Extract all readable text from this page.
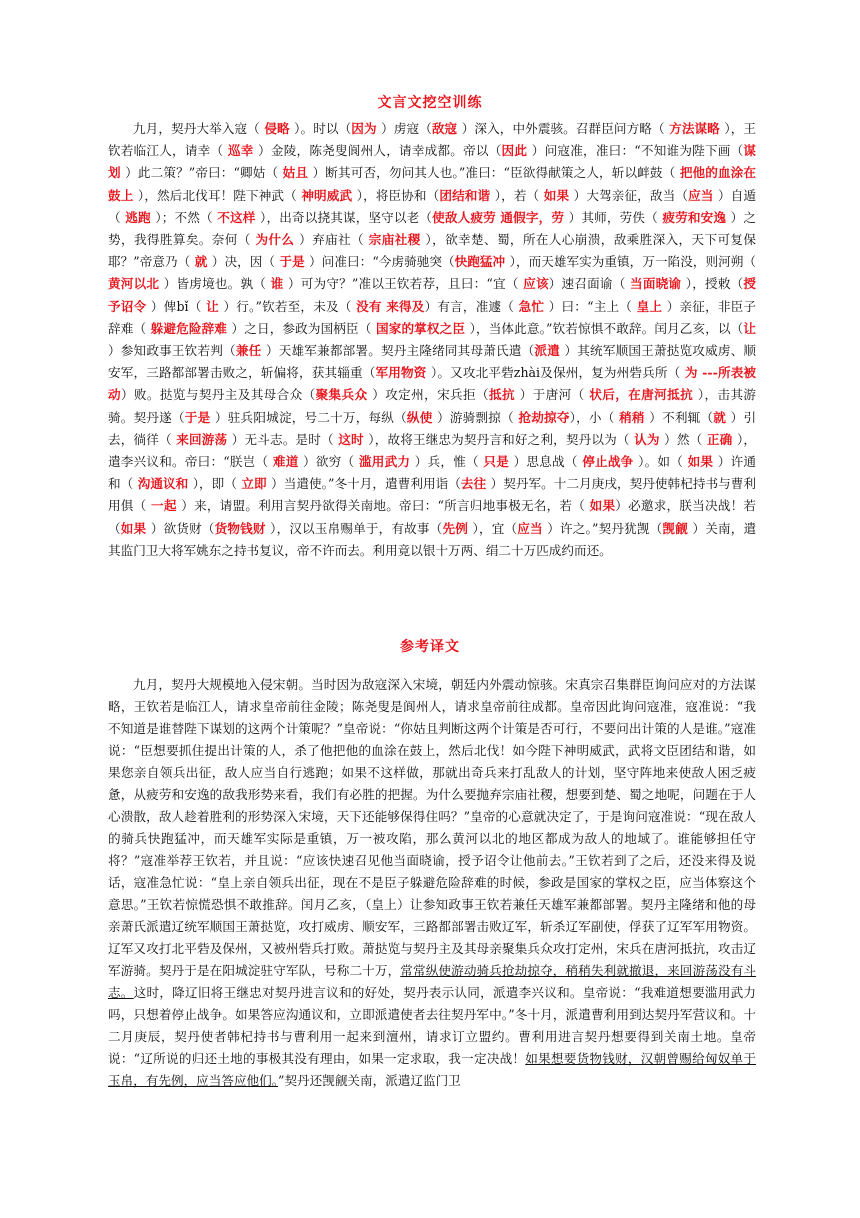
文言文挖空训练

九月，契丹大举入寇（ 侵略 ）。时以（因为 ）虏寇（敌寇 ）深入，中外震骇。召群臣问方略（ 方法谋略 ），王钦若临江人，请幸（ 巡幸 ）金陵，陈尧叟阆州人，请幸成都。帝以（因此 ）问寇准，准曰：“不知谁为陛下画（谋划 ）此二策？”帝曰：“卿姑（ 姑且 ）断其可否，勿问其人也。”准曰：“臣欲得献策之人，斩以衅鼓（ 把他的血涂在鼓上 ），然后北伐耳！陛下神武（ 神明威武 ），将臣协和（团结和谐 ），若（ 如果 ）大驾亲征，敌当（应当 ）自遁（ 逃跑 ）；不然（ 不这样 ），出奇以挠其谋，坚守以老（使敌人疲劳 通假字，劳 ）其师，劳佚（ 疲劳和安逸 ）之势，我得胜算矣。奈何（ 为什么 ）弃庙社（ 宗庙社稷 ），欲幸楚、蜀，所在人心崩溃，敌乘胜深入，天下可复保耶？”帝意乃（ 就 ）决，因（ 于是 ）问准曰：“今虏骑驰突（快跑猛冲 ），而天雄军实为重镇，万一陷没，则河朔（ 黄河以北 ）皆虏境也。孰（ 谁 ）可为守？”准以王钦若荐，且曰：“宜（ 应该）速召面谕（ 当面晓谕 ），授敕（授予诏令 ）俾bǐ（ 让 ）行。”钦若至，未及（ 没有 来得及）有言，准遽（ 急忙 ）曰：“主上（ 皇上 ）亲征，非臣子辞难（ 躲避危险辞难 ）之日，参政为国柄臣（ 国家的掌权之臣 ），当体此意。”钦若惊惧不敢辞。闰月乙亥，以（让 ）参知政事王钦若判（兼任 ）天雄军兼都部署。契丹主隆绪同其母萧氏遣（派遣 ）其统军顺国王萧挞览攻威虏、顺安军，三路都部署击败之，斩偏将，获其辎重（军用物资 ）。又攻北平砦zhài及保州，复为州砦兵所（ 为 ---所表被动）败。挞览与契丹主及其母合众（聚集兵众 ）攻定州，宋兵拒（抵抗 ）于唐河（ 状后，在唐河抵抗 ），击其游骑。契丹遂（于是 ）驻兵阳城淀，号二十万，每纵（纵使 ）游骑剽掠（ 抢劫掠夺），小（ 稍稍 ）不利辄（就 ）引去，徜徉（ 来回游荡 ）无斗志。是时（ 这时 ），故将王继忠为契丹言和好之利，契丹以为（ 认为 ）然（ 正确 ），遣李兴议和。帝曰：“朕岂（ 难道 ）欲穷（ 滥用武力 ）兵，惟（ 只是 ）思息战（ 停止战争 ）。如（ 如果 ）许通和（ 沟通议和 ），即（ 立即 ）当遣使。”冬十月，遣曹利用诣（去往 ）契丹军。十二月庚戌，契丹使韩杞持书与曹利用俱（ 一起 ）来，请盟。利用言契丹欲得关南地。帝曰：“所言归地事极无名，若（ 如果）必邀求，朕当决战！若（如果 ）欲货财（货物钱财 ），汉以玉帛赐单于，有故事（先例 ），宜（应当 ）许之。”契丹犹觊（觊觎 ）关南，遣其监门卫大将军姚东之持书复议，帝不许而去。利用竟以银十万两、绢二十万匹成约而还。

参考译文

九月，契丹大规模地入侵宋朝。当时因为敌寇深入宋境，朝廷内外震动惊骇。宋真宗召集群臣询问应对的方法谋略，王钦若是临江人，请求皇帝前往金陵；陈尧叟是阆州人，请求皇帝前往成都。皇帝因此询问寇准，寇准说：“我不知道是谁替陛下谋划的这两个计策呢？”皇帝说：“你姑且判断这两个计策是否可行，不要问出计策的人是谁。”寇准说：“臣想要抓住提出计策的人，杀了他把他的血涂在鼓上，然后北伐！如今陛下神明威武，武将文臣团结和谐，如果您亲自领兵出征，敌人应当自行逃跑；如果不这样做，那就出奇兵来打乱敌人的计划，坚守阵地来使敌人困乏疲惫，从疲劳和安逸的敌我形势来看，我们有必胜的把握。为什么要抛弃宗庙社稷，想要到楚、蜀之地呢，问题在于人心溃散，敌人趁着胜利的形势深入宋境，天下还能够保得住吗？”皇帝的心意就决定了，于是询问寇准说：“现在敌人的骑兵快跑猛冲，而天雄军实际是重镇，万一被攻陷，那么黄河以北的地区都成为敌人的地域了。谁能够担任守将？”寇准举荐王钦若，并且说：“应该快速召见他当面晓谕，授予诏令让他前去。”王钦若到了之后，还没来得及说话，寇准急忙说：“皇上亲自领兵出征，现在不是臣子躲避危险辞难的时候，参政是国家的掌权之臣，应当体察这个意思。”王钦若惊慌恐惧不敢推辞。闰月乙亥，（皇上）让参知政事王钦若兼任天雄军兼都部署。契丹主隆绪和他的母亲萧氏派遣辽统军顺国王萧挞览，攻打威虏、顺安军，三路都部署击败辽军，斩杀辽军副使，俘获了辽军军用物资。辽军又攻打北平砦及保州，又被州砦兵打败。萧挞览与契丹主及其母亲聚集兵众攻打定州，宋兵在唐河抵抗，攻击辽军游骑。契丹于是在阳城淀驻守军队，号称二十万，常常纵使游动骑兵抢劫掠夺，稍稍失利就撤退，来回游荡没有斗志。这时，降辽旧将王继忠对契丹进言议和的好处，契丹表示认同，派遣李兴议和。皇帝说：“我难道想要滥用武力吗，只想着停止战争。如果答应沟通议和，立即派遣使者去往契丹军中。”冬十月，派遣曹利用到达契丹军营议和。十二月庚辰，契丹使者韩杞持书与曹利用一起来到澶州，请求订立盟约。曹利用进言契丹想要得到关南土地。皇帝说：“辽所说的归还土地的事极其没有理由，如果一定求取，我一定决战！如果想要货物钱财，汉朝曾赐给匈奴单于玉帛，有先例，应当答应他们。”契丹还觊觎关南，派遣辽监门卫
